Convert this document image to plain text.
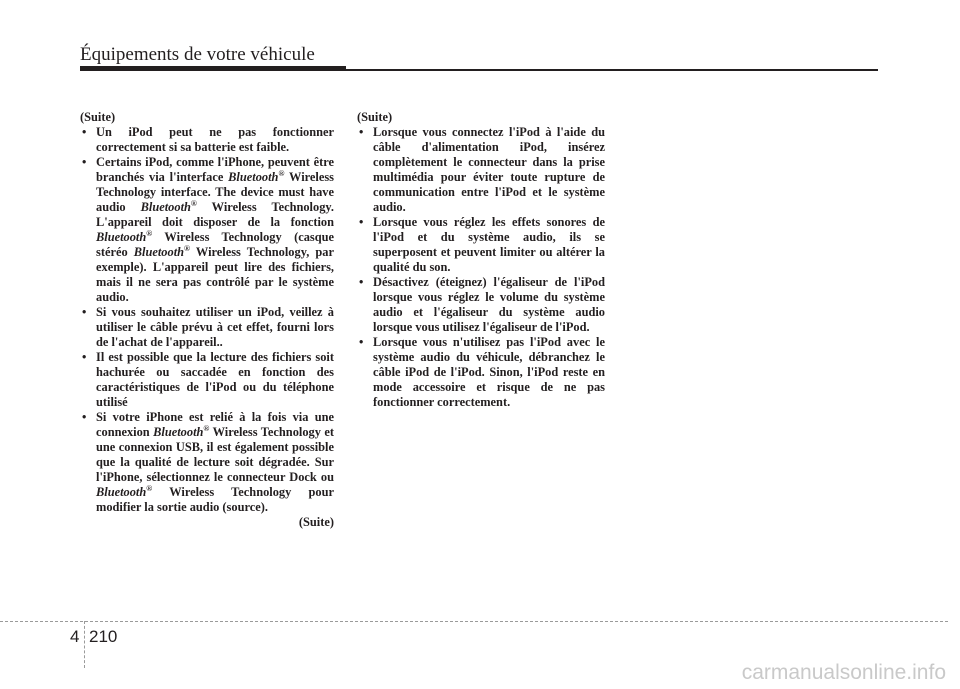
Équipements de votre véhicule

(Suite)

• Un iPod peut ne pas fonctionner correctement si sa batterie est faible.
• Certains iPod, comme l'iPhone, peuvent être branchés via l'interface Bluetooth® Wireless Technology interface. The device must have audio Bluetooth® Wireless Technology. L'appareil doit disposer de la fonction Bluetooth® Wireless Technology (casque stéréo Bluetooth® Wireless Technology, par exemple). L'appareil peut lire des fichiers, mais il ne sera pas contrôlé par le système audio.
• Si vous souhaitez utiliser un iPod, veillez à utiliser le câble prévu à cet effet, fourni lors de l'achat de l'appareil..
• Il est possible que la lecture des fichiers soit hachurée ou saccadée en fonction des caractéristiques de l'iPod ou du téléphone utilisé
• Si votre iPhone est relié à la fois via une connexion Bluetooth® Wireless Technology et une connexion USB, il est également possible que la qualité de lecture soit dégradée. Sur l'iPhone, sélectionnez le connecteur Dock ou Bluetooth® Wireless Technology pour modifier la sortie audio (source).

(Suite)

(Suite)

• Lorsque vous connectez l'iPod à l'aide du câble d'alimentation iPod, insérez complètement le connecteur dans la prise multimédia pour éviter toute rupture de communication entre l'iPod et le système audio.
• Lorsque vous réglez les effets sonores de l'iPod et du système audio, ils se superposent et peuvent limiter ou altérer la qualité du son.
• Désactivez (éteignez) l'égaliseur de l'iPod lorsque vous réglez le volume du système audio et l'égaliseur du système audio lorsque vous utilisez l'égaliseur de l'iPod.
• Lorsque vous n'utilisez pas l'iPod avec le système audio du véhicule, débranchez le câble iPod de l'iPod. Sinon, l'iPod reste en mode accessoire et risque de ne pas fonctionner correctement.
4 210

carmanualsonline.info
